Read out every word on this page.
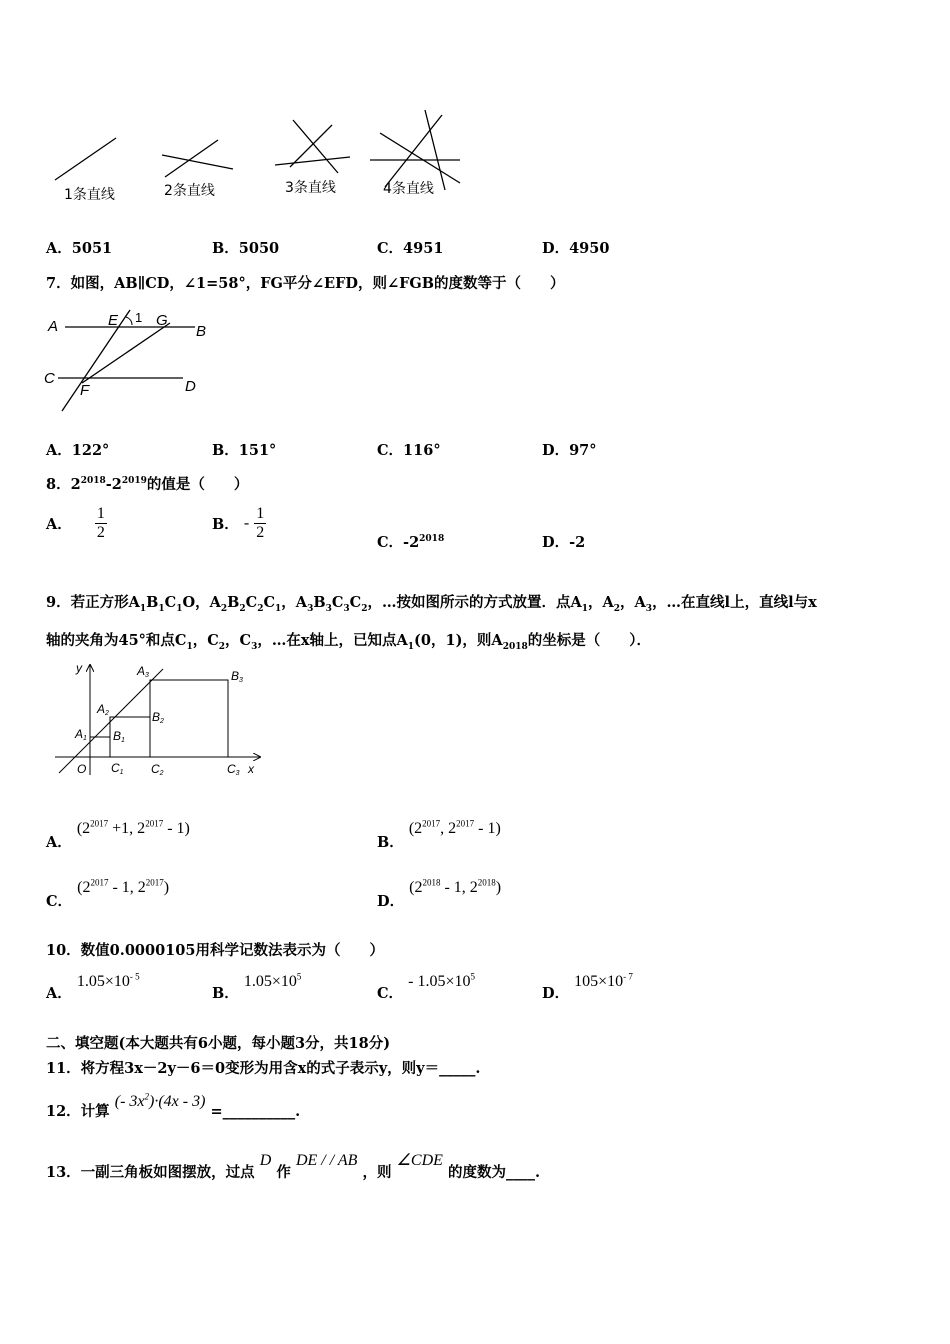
1条直线	2条直线	3条直线	4条直线
A．5051	B．5050	C．4951	D．4950
7．如图，AB∥CD，∠1=58°，FG平分∠EFD，则∠FGB的度数等于（　　）
A	B
C	D
E
F
G
1
A．122°	B．151°	C．116°	D．97°
8．$2^{2018}-2^{2019}$的值是（　　）
A． $\frac{1}{2}$	B． - $\frac{1}{2}$
C．$-2^{2018}$	D．-2
9．若正方形$A_1B_1C_1O$，$A_2B_2C_2C_1$，$A_3B_3C_3C_2$，…按如图所示的方式放置．点$A_1$，$A_2$，$A_3$，…在直线l上，直线l与x
轴的夹角为45°和点$C_1$，$C_2$，$C_3$，…在x轴上，已知点$A_1(0$，1)，则$A_{2018}$的坐标是（　　）．
y
x
O
A1
A2
A3
B1
B2
B3
C1 C2	C3
A． ($2^{2017} +1$, $2^{2017} - 1$)
B． ($2^{2017}$, $2^{2017} - 1$)
C． ($2^{2017} - 1$, $2^{2017}$)
D． ($2^{2018} - 1$, $2^{2018}$)
10．数值0.0000105用科学记数法表示为（　　）
A． $1.05\times 10^{- 5}$
B． $1.05\times 10^5$
C． - $1.05\times 10^5$
D． $105\times 10^{- 7}$
二、填空题(本大题共有6小题，每小题3分，共18分)
11．将方程3x－2y－6＝0变形为用含x的式子表示y，则y＝_____.
12．计算 (- $3x^2)\cdot(4x - 3)$ =__________.
13．一副三角板如图摆放，过点 D 作 DE / / AB ，则 ∠CDE 的度数为____.
